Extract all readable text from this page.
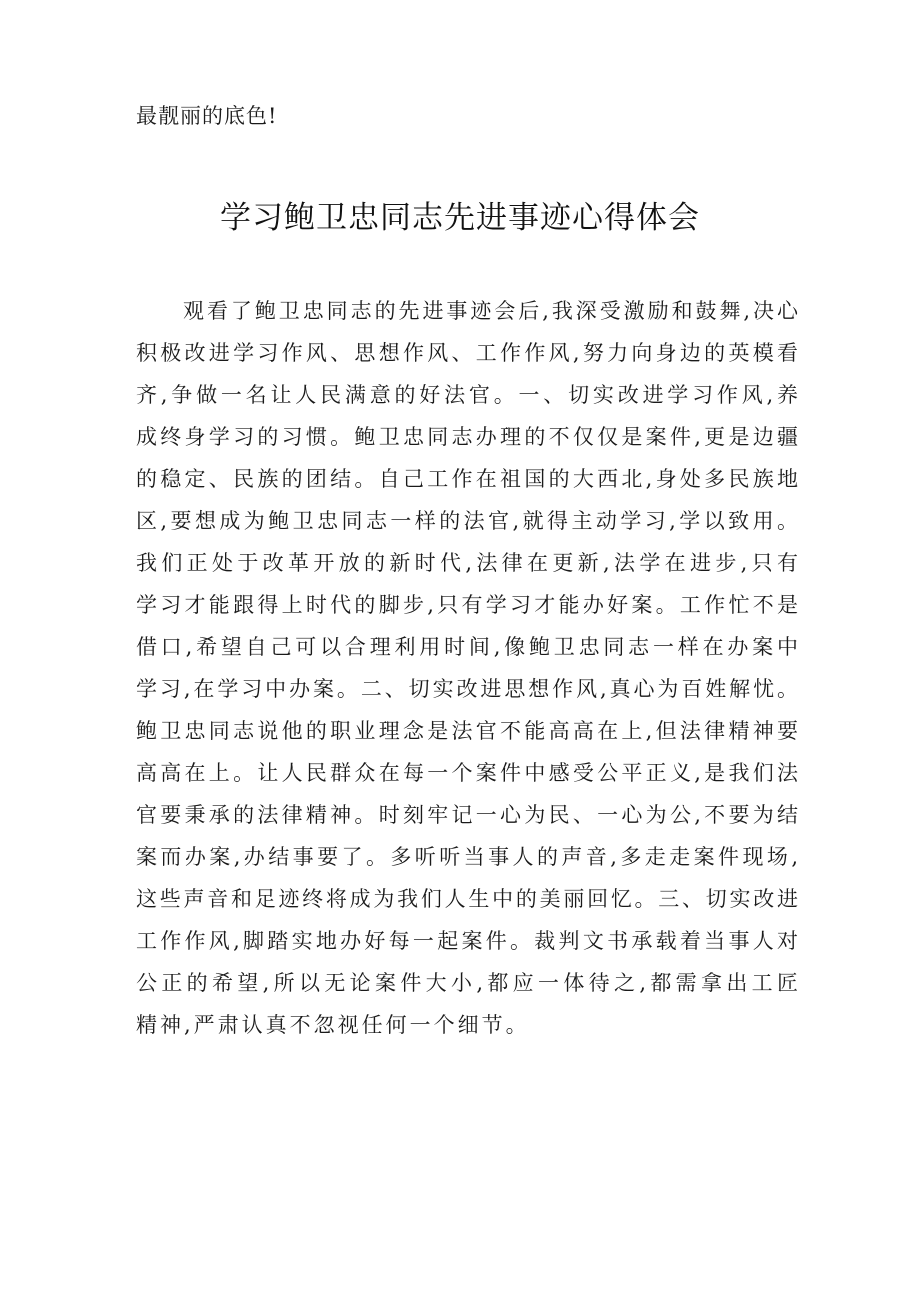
最靓丽的底色!
学习鲍卫忠同志先进事迹心得体会
观看了鲍卫忠同志的先进事迹会后,我深受激励和鼓舞,决心
积极改进学习作风、思想作风、工作作风,努力向身边的英模看
齐,争做一名让人民满意的好法官。一、切实改进学习作风,养
成终身学习的习惯。鲍卫忠同志办理的不仅仅是案件,更是边疆
的稳定、民族的团结。自己工作在祖国的大西北,身处多民族地
区,要想成为鲍卫忠同志一样的法官,就得主动学习,学以致用。
我们正处于改革开放的新时代,法律在更新,法学在进步,只有
学习才能跟得上时代的脚步,只有学习才能办好案。工作忙不是
借口,希望自己可以合理利用时间,像鲍卫忠同志一样在办案中
学习,在学习中办案。二、切实改进思想作风,真心为百姓解忧。
鲍卫忠同志说他的职业理念是法官不能高高在上,但法律精神要
高高在上。让人民群众在每一个案件中感受公平正义,是我们法
官要秉承的法律精神。时刻牢记一心为民、一心为公,不要为结
案而办案,办结事要了。多听听当事人的声音,多走走案件现场,
这些声音和足迹终将成为我们人生中的美丽回忆。三、切实改进
工作作风,脚踏实地办好每一起案件。裁判文书承载着当事人对
公正的希望,所以无论案件大小,都应一体待之,都需拿出工匠
精神,严肃认真不忽视任何一个细节。
